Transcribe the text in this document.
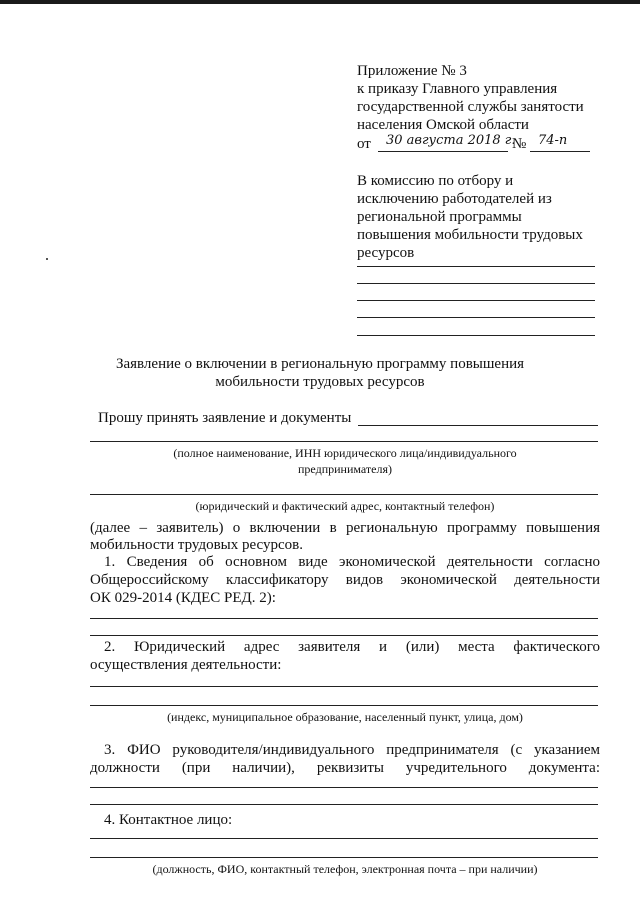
Приложение № 3
к приказу Главного управления
государственной службы занятости
населения Омской области
от 30 августа 2018 г.
№ 74-п
В комиссию по отбору и
исключению работодателей из
региональной программы
повышения мобильности трудовых
ресурсов
Заявление о включении в региональную программу повышения
мобильности трудовых ресурсов
Прошу принять заявление и документы
(полное наименование, ИНН юридического лица/индивидуального
предпринимателя)
(юридический и фактический адрес, контактный телефон)
(далее – заявитель) о включении в региональную программу повышения
мобильности трудовых ресурсов.
1. Сведения об основном виде экономической деятельности согласно
Общероссийскому классификатору видов экономической деятельности
ОК 029-2014 (КДЕС РЕД. 2):
2. Юридический адрес заявителя и (или) места фактического
осуществления деятельности:
(индекс, муниципальное образование, населенный пункт, улица, дом)
3. ФИО руководителя/индивидуального предпринимателя (с указанием
должности (при наличии), реквизиты учредительного документа:
4. Контактное лицо:
(должность, ФИО, контактный телефон, электронная почта – при наличии)
